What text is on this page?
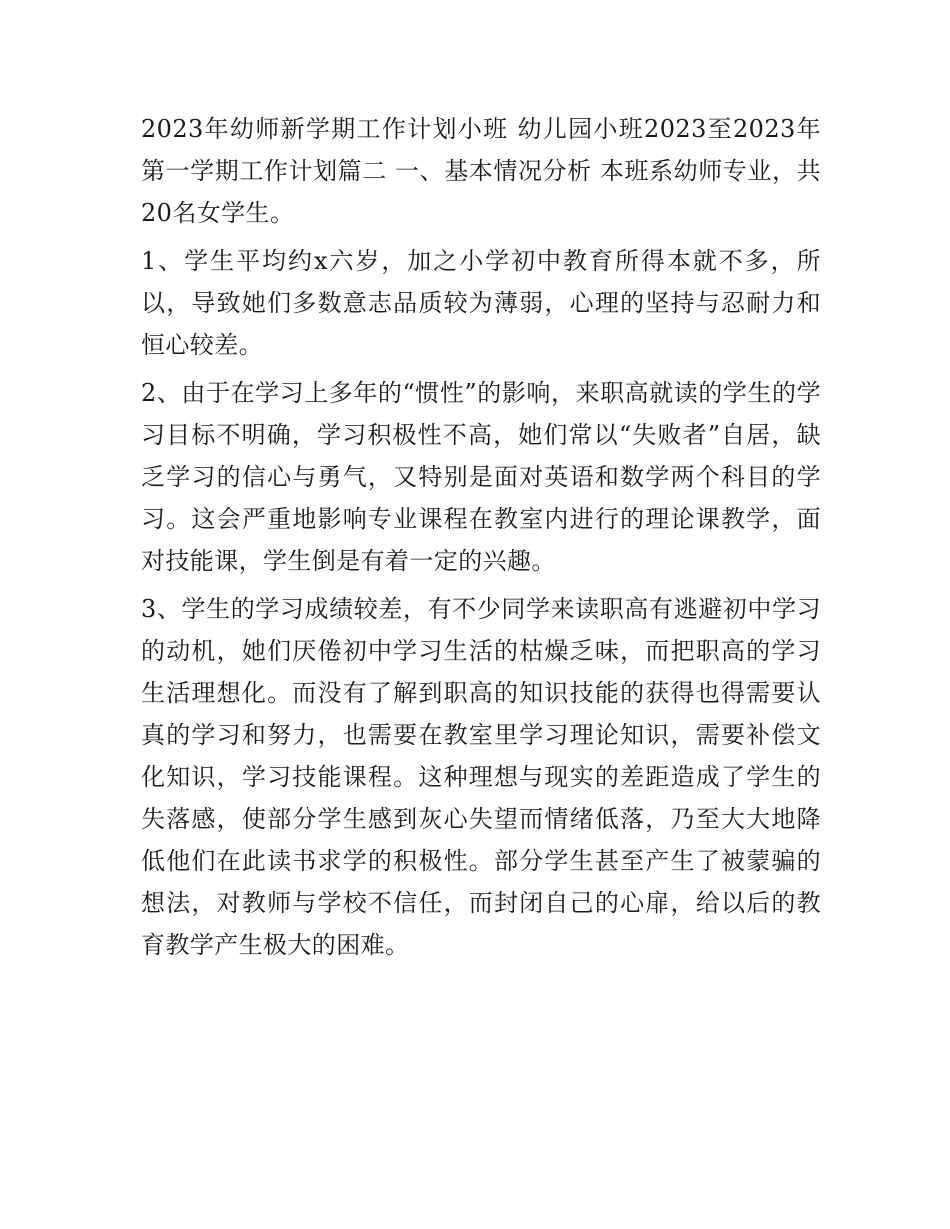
2023年幼师新学期工作计划小班 幼儿园小班2023至2023年第一学期工作计划篇二 一、基本情况分析 本班系幼师专业，共20名女学生。

1、学生平均约x六岁，加之小学初中教育所得本就不多，所以，导致她们多数意志品质较为薄弱，心理的坚持与忍耐力和恒心较差。

2、由于在学习上多年的“惯性”的影响，来职高就读的学生的学习目标不明确，学习积极性不高，她们常以“失败者”自居，缺乏学习的信心与勇气，又特别是面对英语和数学两个科目的学习。这会严重地影响专业课程在教室内进行的理论课教学，面对技能课，学生倒是有着一定的兴趣。

3、学生的学习成绩较差，有不少同学来读职高有逃避初中学习的动机，她们厌倦初中学习生活的枯燥乏味，而把职高的学习生活理想化。而没有了解到职高的知识技能的获得也得需要认真的学习和努力，也需要在教室里学习理论知识，需要补偿文化知识，学习技能课程。这种理想与现实的差距造成了学生的失落感，使部分学生感到灰心失望而情绪低落，乃至大大地降低他们在此读书求学的积极性。部分学生甚至产生了被蒙骗的想法，对教师与学校不信任，而封闭自己的心扉，给以后的教育教学产生极大的困难。
